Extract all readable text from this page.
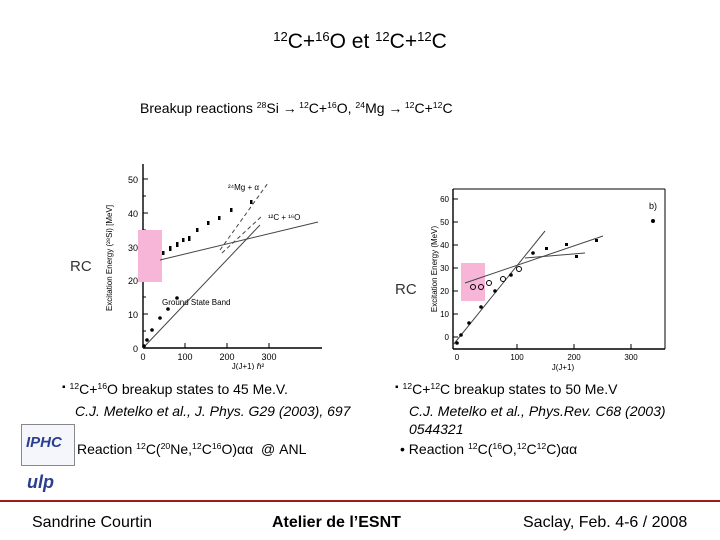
$^{12}$C+$^{16}$O et $^{12}$C+$^{12}$C
Breakup reactions $^{28}$Si → $^{12}$C+$^{16}$O, $^{24}$Mg → $^{12}$C+$^{12}$C
0
10
20
30
40
50
0	100	200	300
J(J+1) ℏ²
Excitation Energy (²⁸Si) [MeV]
²⁴Mg + α
¹²C + ¹⁶O
Ground State Band
RC
0
10
20
30
40
50
60
0	100	200	300
J(J+1)
Excitation Energy (MeV)
b)
RC
▪ $^{12}$C+$^{16}$O breakup states to 45 Me.V.
C.J. Metelko et al., J. Phys. G29 (2003), 697
Reaction $^{12}C(^{20}Ne,^{12}C^{16}O)\alpha\alpha$  @ ANL
▪ $^{12}$C+$^{12}$C breakup states to 50 Me.V
C.J. Metelko et al., Phys.Rev. C68 (2003)
0544321
• Reaction $^{12}C(^{16}O,^{12}C^{12}C)\alpha\alpha$
IPHC
ulp
Sandrine Courtin	Atelier de l’ESNT	Saclay, Feb. 4-6 / 2008
